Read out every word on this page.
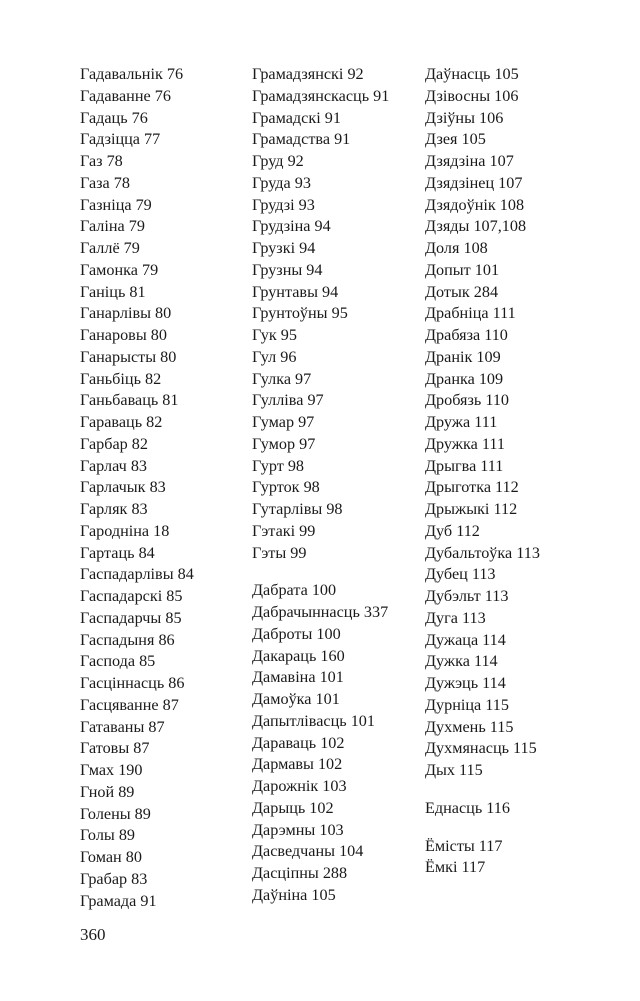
Гадавальнік 76
Гадаванне 76
Гадаць 76
Гадзіцца 77
Газ 78
Газа 78
Газніца 79
Галіна 79
Галлё 79
Гамонка 79
Ганіць 81
Ганарлівы 80
Ганаровы 80
Ганарысты 80
Ганьбіць 82
Ганьбаваць 81
Гараваць 82
Гарбар 82
Гарлач 83
Гарлачык 83
Гарляк 83
Гародніна 18
Гартаць 84
Гаспадарлівы 84
Гаспадарскі 85
Гаспадарчы 85
Гаспадыня 86
Гаспода 85
Гасціннасць 86
Гасцяванне 87
Гатаваны 87
Гатовы 87
Гмах 190
Гной 89
Голены 89
Голы 89
Гоман 80
Грабар 83
Грамада 91
Грамадзянскі 92
Грамадзянскасць 91
Грамадскі 91
Грамадства 91
Груд 92
Груда 93
Грудзі 93
Грудзіна 94
Грузкі 94
Грузны 94
Грунтавы 94
Грунтоўны 95
Гук 95
Гул 96
Гулка 97
Гуллiва 97
Гумар 97
Гумор 97
Гурт 98
Гурток 98
Гутарлівы 98
Гэтакі 99
Гэты 99
Дабрата 100
Дабрачыннасць 337
Даброты 100
Дакараць 160
Дамавіна 101
Дамоўка 101
Дапытлівасць 101
Дараваць 102
Дармавы 102
Дарожнік 103
Дарыць 102
Дарэмны 103
Дасведчаны 104
Дасціпны 288
Даўніна 105
Даўнасць 105
Дзівосны 106
Дзіўны 106
Дзея 105
Дзядзіна 107
Дзядзінец 107
Дзядоўнік 108
Дзяды 107,108
Доля 108
Допыт 101
Дотык 284
Драбніца 111
Драбяза 110
Дранік 109
Дранка 109
Дробязь 110
Дружа 111
Дружка 111
Дрыгва 111
Дрыготка 112
Дрыжыкі 112
Дуб 112
Дубальтоўка 113
Дубец 113
Дубэльт 113
Дуга 113
Дужаца 114
Дужка 114
Дужэць 114
Дурніца 115
Духмень 115
Духмянасць 115
Дых 115
Еднасць 116
Ёмісты 117
Ёмкі 117
360
